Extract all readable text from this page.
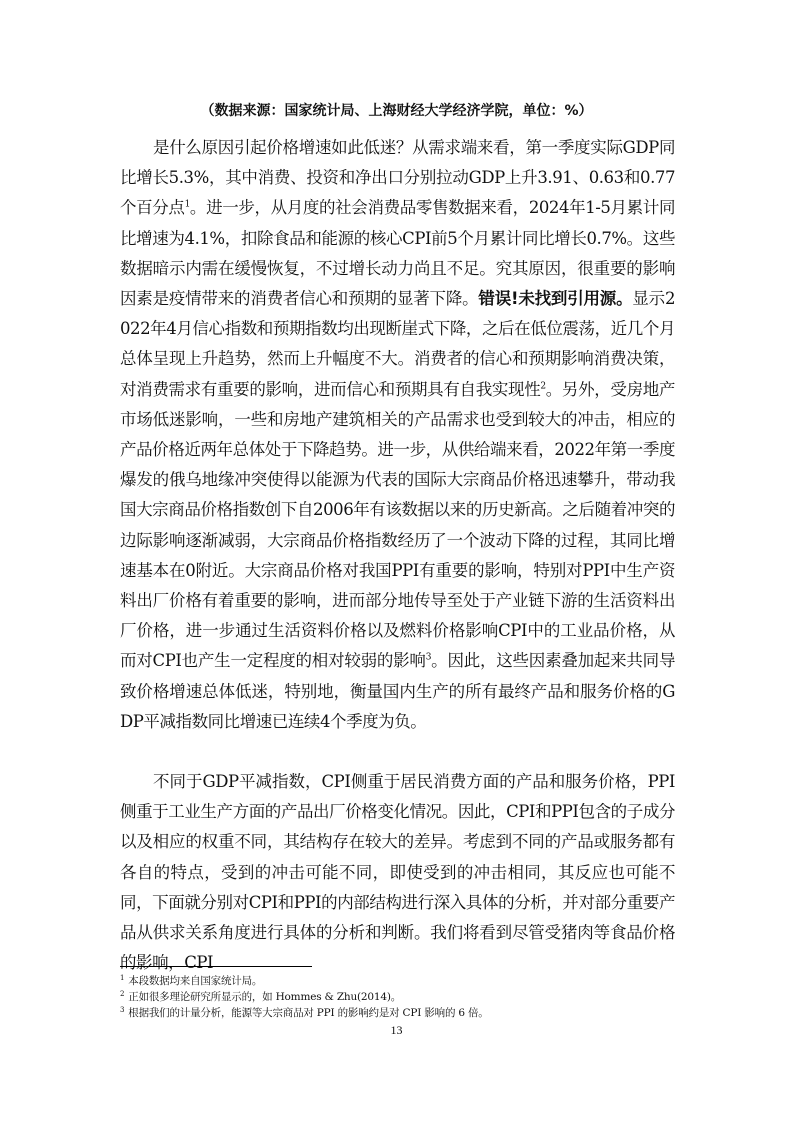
（数据来源：国家统计局、上海财经大学经济学院，单位：%）

是什么原因引起价格增速如此低迷？从需求端来看，第一季度实际GDP同比增长5.3%，其中消费、投资和净出口分别拉动GDP上升3.91、0.63和0.77个百分点$^1$。进一步，从月度的社会消费品零售数据来看，2024年1-5月累计同比增速为4.1%，扣除食品和能源的核心CPI前5个月累计同比增长0.7%。这些数据暗示内需在缓慢恢复，不过增长动力尚且不足。究其原因，很重要的影响因素是疫情带来的消费者信心和预期的显著下降。错误!未找到引用源。显示2022年4月信心指数和预期指数均出现断崖式下降，之后在低位震荡，近几个月总体呈现上升趋势，然而上升幅度不大。消费者的信心和预期影响消费决策，对消费需求有重要的影响，进而信心和预期具有自我实现性$^2$。另外，受房地产市场低迷影响，一些和房地产建筑相关的产品需求也受到较大的冲击，相应的产品价格近两年总体处于下降趋势。进一步，从供给端来看，2022年第一季度爆发的俄乌地缘冲突使得以能源为代表的国际大宗商品价格迅速攀升，带动我国大宗商品价格指数创下自2006年有该数据以来的历史新高。之后随着冲突的边际影响逐渐减弱，大宗商品价格指数经历了一个波动下降的过程，其同比增速基本在0附近。大宗商品价格对我国PPI有重要的影响，特别对PPI中生产资料出厂价格有着重要的影响，进而部分地传导至处于产业链下游的生活资料出厂价格，进一步通过生活资料价格以及燃料价格影响CPI中的工业品价格，从而对CPI也产生一定程度的相对较弱的影响$^3$。因此，这些因素叠加起来共同导致价格增速总体低迷，特别地，衡量国内生产的所有最终产品和服务价格的GDP平减指数同比增速已连续4个季度为负。

不同于GDP平减指数，CPI侧重于居民消费方面的产品和服务价格，PPI侧重于工业生产方面的产品出厂价格变化情况。因此，CPI和PPI包含的子成分以及相应的权重不同，其结构存在较大的差异。考虑到不同的产品或服务都有各自的特点，受到的冲击可能不同，即使受到的冲击相同，其反应也可能不同，下面就分别对CPI和PPI的内部结构进行深入具体的分析，并对部分重要产品从供求关系角度进行具体的分析和判断。我们将看到尽管受猪肉等食品价格的影响，CPI

$^1$ 本段数据均来自国家统计局。

$^2$ 正如很多理论研究所显示的，如 Hommes & Zhu(2014)。

$^3$ 根据我们的计量分析，能源等大宗商品对 PPI 的影响约是对 CPI 影响的 6 倍。

13
